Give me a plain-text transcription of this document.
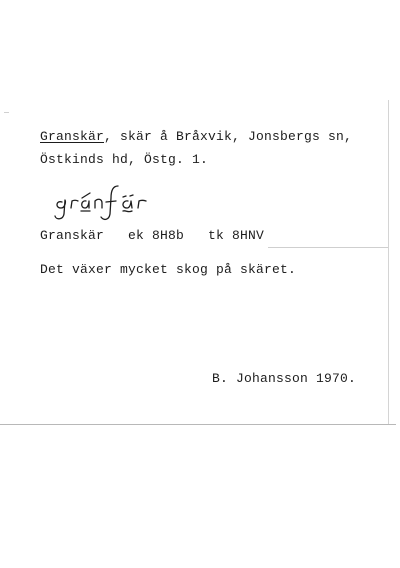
Granskär, skär å Bråxvik, Jonsbergs sn,
Östkinds hd, Östg. 1.
Granskär   ek 8H8b   tk 8HNV
Det växer mycket skog på skäret.
B. Johansson 1970.
